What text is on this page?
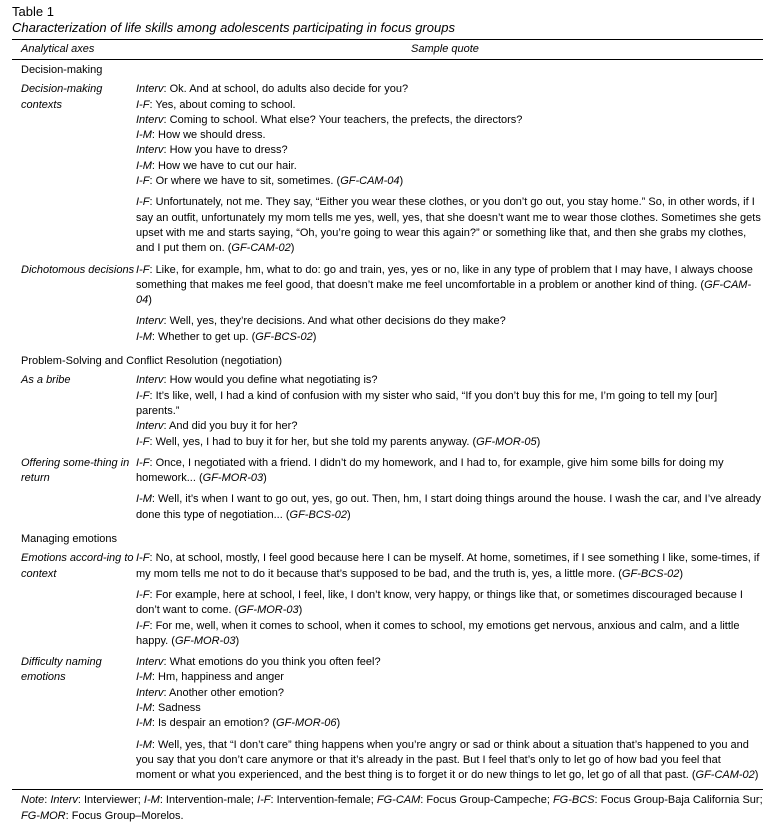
Table 1
Characterization of life skills among adolescents participating in focus groups
Analytical axes	Sample quote
Decision-making
Decision-making contexts
Interv: Ok. And at school, do adults also decide for you?
I-F: Yes, about coming to school.
Interv: Coming to school. What else? Your teachers, the prefects, the directors?
I-M: How we should dress.
Interv: How you have to dress?
I-M: How we have to cut our hair.
I-F: Or where we have to sit, sometimes. (GF-CAM-04)
I-F: Unfortunately, not me. They say, “Either you wear these clothes, or you don’t go out, you stay home.” So, in other words, if I say an outfit, unfortunately my mom tells me yes, well, yes, that she doesn’t want me to wear those clothes. Sometimes she gets upset with me and starts saying, “Oh, you’re going to wear this again?” or something like that, and then she grabs my clothes, and I put them on. (GF-CAM-02)
Dichotomous decisions I-F: Like, for example, hm, what to do: go and train, yes, yes or no, like in any type of problem that I may have, I always choose something that makes me feel good, that doesn’t make me feel uncomfortable in a problem or another kind of thing. (GF-CAM-04)
Interv: Well, yes, they’re decisions. And what other decisions do they make?
I-M: Whether to get up. (GF-BCS-02)
Problem-Solving and Conflict Resolution (negotiation)
As a bribe	Interv: How would you define what negotiating is?
I-F: It’s like, well, I had a kind of confusion with my sister who said, “If you don’t buy this for me, I’m going to tell my [our] parents.”
Interv: And did you buy it for her?
I-F: Well, yes, I had to buy it for her, but she told my parents anyway. (GF-MOR-05)
Offering some-thing in return
I-F: Once, I negotiated with a friend. I didn’t do my homework, and I had to, for example, give him some bills for doing my homework... (GF-MOR-03)
I-M: Well, it’s when I want to go out, yes, go out. Then, hm, I start doing things around the house. I wash the car, and I’ve already done this type of negotiation... (GF-BCS-02)
Managing emotions
Emotions accord-ing to context
I-F: No, at school, mostly, I feel good because here I can be myself. At home, sometimes, if I see something I like, some-times, if my mom tells me not to do it because that’s supposed to be bad, and the truth is, yes, a little more. (GF-BCS-02)
I-F: For example, here at school, I feel, like, I don’t know, very happy, or things like that, or sometimes discouraged because I don’t want to come. (GF-MOR-03)
I-F: For me, well, when it comes to school, when it comes to school, my emotions get nervous, anxious and calm, and a little happy. (GF-MOR-03)
Difficulty naming emotions
Interv: What emotions do you think you often feel?
I-M: Hm, happiness and anger
Interv: Another other emotion?
I-M: Sadness
I-M: Is despair an emotion? (GF-MOR-06)
I-M: Well, yes, that “I don’t care” thing happens when you’re angry or sad or think about a situation that’s happened to you and you say that you don’t care anymore or that it’s already in the past. But I feel that’s only to let go of how bad you feel that moment or what you experienced, and the best thing is to forget it or do new things to let go, let go of all that past. (GF-CAM-02)
Note: Interv: Interviewer; I-M: Intervention-male; I-F: Intervention-female; FG-CAM: Focus Group-Campeche; FG-BCS: Focus Group-Baja California Sur; FG-MOR: Focus Group–Morelos.
